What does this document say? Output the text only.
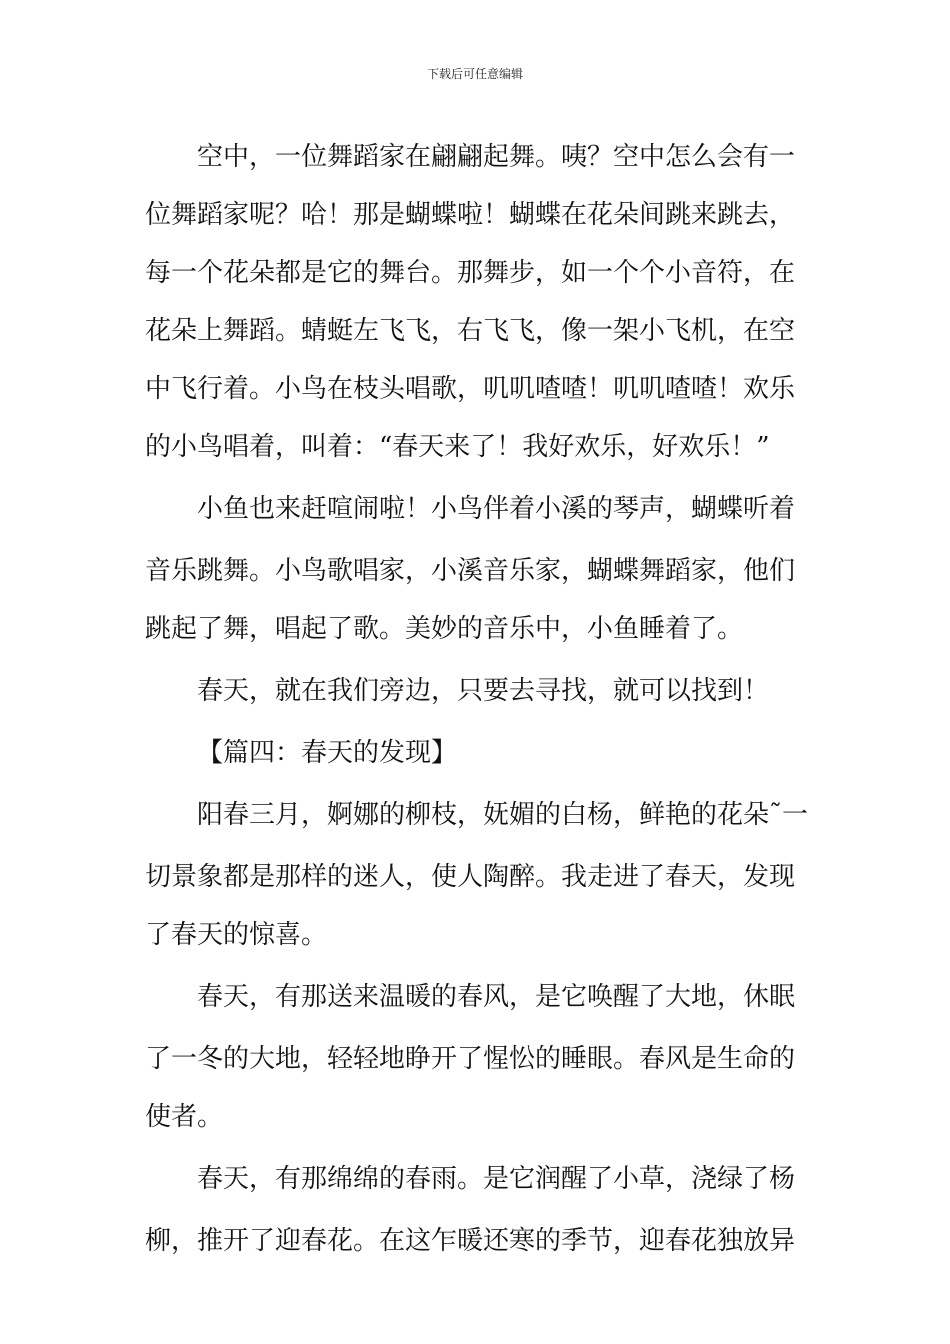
下载后可任意编辑
空中，一位舞蹈家在翩翩起舞。咦？空中怎么会有一
位舞蹈家呢？哈！那是蝴蝶啦！蝴蝶在花朵间跳来跳去，
每一个花朵都是它的舞台。那舞步，如一个个小音符，在
花朵上舞蹈。蜻蜓左飞飞，右飞飞，像一架小飞机，在空
中飞行着。小鸟在枝头唱歌，叽叽喳喳！叽叽喳喳！欢乐
的小鸟唱着，叫着：“春天来了！我好欢乐，好欢乐！”
小鱼也来赶喧闹啦！小鸟伴着小溪的琴声，蝴蝶听着
音乐跳舞。小鸟歌唱家，小溪音乐家，蝴蝶舞蹈家，他们
跳起了舞，唱起了歌。美妙的音乐中，小鱼睡着了。
春天，就在我们旁边，只要去寻找，就可以找到！
【篇四：春天的发现】
阳春三月，婀娜的柳枝，妩媚的白杨，鲜艳的花朵˜一
切景象都是那样的迷人，使人陶醉。我走进了春天，发现
了春天的惊喜。
春天，有那送来温暖的春风，是它唤醒了大地，休眠
了一冬的大地，轻轻地睁开了惺忪的睡眼。春风是生命的
使者。
春天，有那绵绵的春雨。是它润醒了小草，浇绿了杨
柳，推开了迎春花。在这乍暖还寒的季节，迎春花独放异
